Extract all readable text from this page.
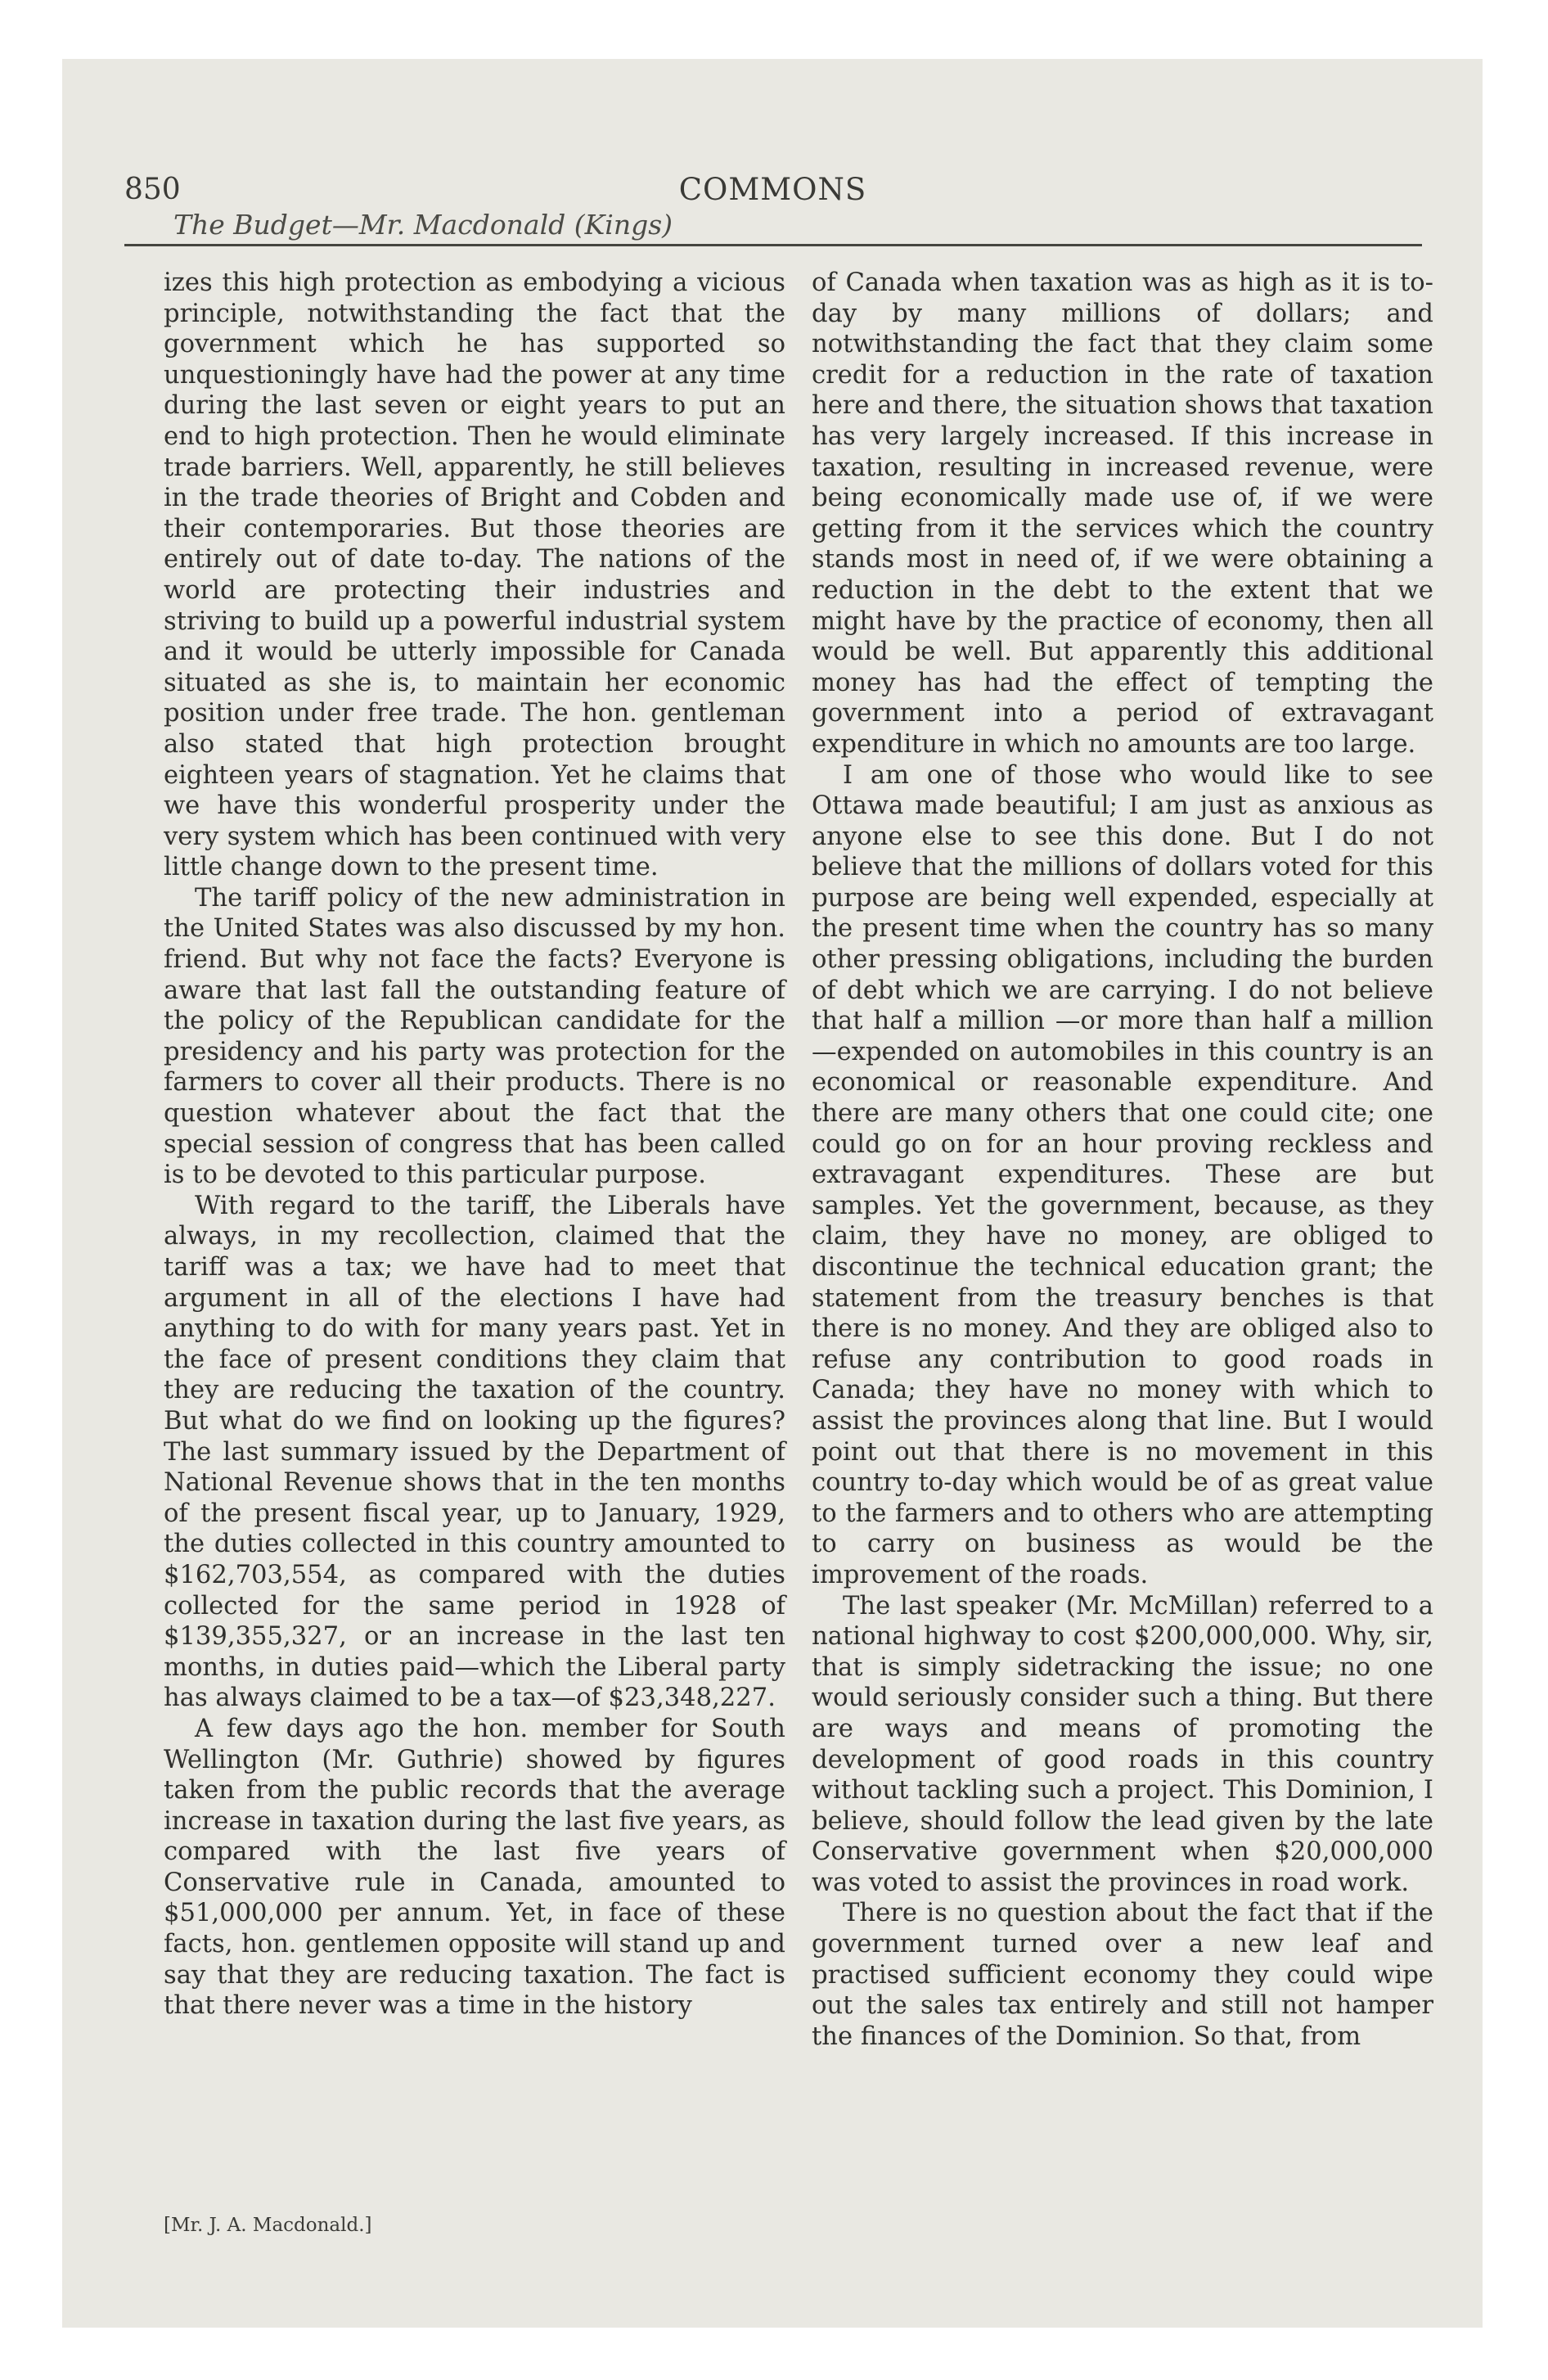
850	COMMONS
The Budget—Mr. Macdonald (Kings)

izes this high protection as embodying a vicious principle, notwithstanding the fact that the government which he has supported so unquestioningly have had the power at any time during the last seven or eight years to put an end to high protection. Then he would eliminate trade barriers. Well, apparently, he still believes in the trade theories of Bright and Cobden and their contemporaries. But those theories are entirely out of date to-day. The nations of the world are protecting their industries and striving to build up a powerful industrial system and it would be utterly impossible for Canada situated as she is, to maintain her economic position under free trade. The hon. gentleman also stated that high protection brought eighteen years of stagnation. Yet he claims that we have this wonderful prosperity under the very system which has been continued with very little change down to the present time.

The tariff policy of the new administration in the United States was also discussed by my hon. friend. But why not face the facts? Everyone is aware that last fall the outstanding feature of the policy of the Republican candidate for the presidency and his party was protection for the farmers to cover all their products. There is no question whatever about the fact that the special session of congress that has been called is to be devoted to this particular purpose.

With regard to the tariff, the Liberals have always, in my recollection, claimed that the tariff was a tax; we have had to meet that argument in all of the elections I have had anything to do with for many years past. Yet in the face of present conditions they claim that they are reducing the taxation of the country. But what do we find on looking up the figures? The last summary issued by the Department of National Revenue shows that in the ten months of the present fiscal year, up to January, 1929, the duties collected in this country amounted to $162,703,554, as compared with the duties collected for the same period in 1928 of $139,355,327, or an increase in the last ten months, in duties paid—which the Liberal party has always claimed to be a tax—of $23,348,227.

A few days ago the hon. member for South Wellington (Mr. Guthrie) showed by figures taken from the public records that the average increase in taxation during the last five years, as compared with the last five years of Conservative rule in Canada, amounted to $51,000,000 per annum. Yet, in face of these facts, hon. gentlemen opposite will stand up and say that they are reducing taxation. The fact is that there never was a time in the history

of Canada when taxation was as high as it is to-day by many millions of dollars; and notwithstanding the fact that they claim some credit for a reduction in the rate of taxation here and there, the situation shows that taxation has very largely increased. If this increase in taxation, resulting in increased revenue, were being economically made use of, if we were getting from it the services which the country stands most in need of, if we were obtaining a reduction in the debt to the extent that we might have by the practice of economy, then all would be well. But apparently this additional money has had the effect of tempting the government into a period of extravagant expenditure in which no amounts are too large.

I am one of those who would like to see Ottawa made beautiful; I am just as anxious as anyone else to see this done. But I do not believe that the millions of dollars voted for this purpose are being well expended, especially at the present time when the country has so many other pressing obligations, including the burden of debt which we are carrying. I do not believe that half a million —or more than half a million—expended on automobiles in this country is an economical or reasonable expenditure. And there are many others that one could cite; one could go on for an hour proving reckless and extravagant expenditures. These are but samples. Yet the government, because, as they claim, they have no money, are obliged to discontinue the technical education grant; the statement from the treasury benches is that there is no money. And they are obliged also to refuse any contribution to good roads in Canada; they have no money with which to assist the provinces along that line. But I would point out that there is no movement in this country to-day which would be of as great value to the farmers and to others who are attempting to carry on business as would be the improvement of the roads.

The last speaker (Mr. McMillan) referred to a national highway to cost $200,000,000. Why, sir, that is simply sidetracking the issue; no one would seriously consider such a thing. But there are ways and means of promoting the development of good roads in this country without tackling such a project. This Dominion, I believe, should follow the lead given by the late Conservative government when $20,000,000 was voted to assist the provinces in road work.

There is no question about the fact that if the government turned over a new leaf and practised sufficient economy they could wipe out the sales tax entirely and still not hamper the finances of the Dominion. So that, from

[Mr. J. A. Macdonald.]
